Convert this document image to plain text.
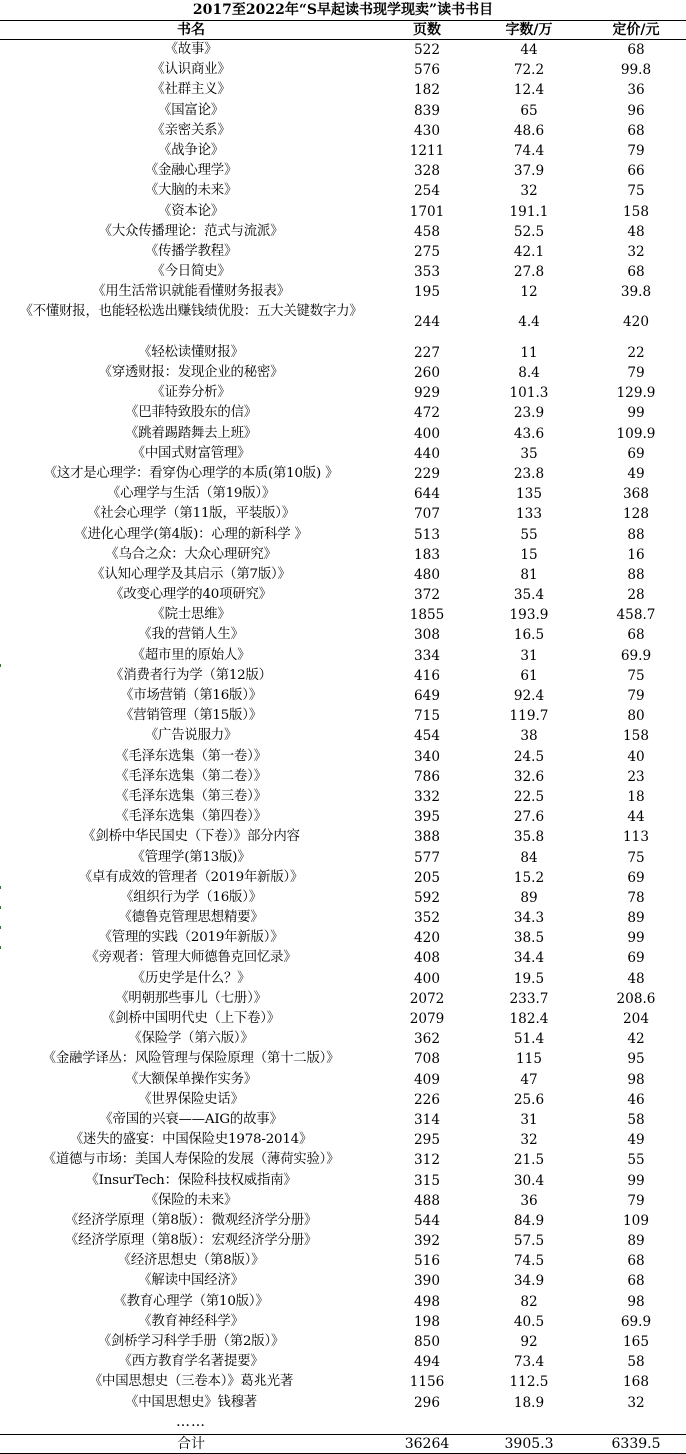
2017至2022年“S早起读书现学现卖”读书书目
书名	页数	字数/万	定价/元
《故事》	522	44	68
《认识商业》	576	72.2	99.8
《社群主义》	182	12.4	36
《国富论》	839	65	96
《亲密关系》	430	48.6	68
《战争论》	1211	74.4	79
《金融心理学》	328	37.9	66
《大脑的未来》	254	32	75
《资本论》	1701	191.1	158
《大众传播理论：范式与流派》	458	52.5	48
《传播学教程》	275	42.1	32
《今日简史》	353	27.8	68
《用生活常识就能看懂财务报表》	195	12	39.8
《不懂财报，也能轻松选出赚钱绩优股：五大关键数字力》
244	4.4	420
《轻松读懂财报》	227	11	22
《穿透财报：发现企业的秘密》	260	8.4	79
《证券分析》	929	101.3	129.9
《巴菲特致股东的信》	472	23.9	99
《跳着踢踏舞去上班》	400	43.6	109.9
《中国式财富管理》	440	35	69
《这才是心理学：看穿伪心理学的本质(第10版) 》	229	23.8	49
《心理学与生活（第19版）》	644	135	368
《社会心理学（第11版，平装版）》	707	133	128
《进化心理学(第4版)：心理的新科学 》	513	55	88
《乌合之众：大众心理研究》	183	15	16
《认知心理学及其启示（第7版）》	480	81	88
《改变心理学的40项研究》	372	35.4	28
《院士思维》	1855	193.9	458.7
《我的营销人生》	308	16.5	68
《超市里的原始人》	334	31	69.9
《消费者行为学（第12版）	416	61	75
《市场营销（第16版）》	649	92.4	79
《营销管理（第15版）》	715	119.7	80
《广告说服力》	454	38	158
《毛泽东选集（第一卷）》	340	24.5	40
《毛泽东选集（第二卷）》	786	32.6	23
《毛泽东选集（第三卷）》	332	22.5	18
《毛泽东选集（第四卷）》	395	27.6	44
《剑桥中华民国史（下卷）》部分内容	388	35.8	113
《管理学(第13版)》	577	84	75
《卓有成效的管理者（2019年新版）》	205	15.2	69
《组织行为学（16版）》	592	89	78
《德鲁克管理思想精要》	352	34.3	89
《管理的实践（2019年新版）》	420	38.5	99
《旁观者：管理大师德鲁克回忆录》	408	34.4	69
《历史学是什么？》	400	19.5	48
《明朝那些事儿（七册）》	2072	233.7	208.6
《剑桥中国明代史（上下卷）》	2079	182.4	204
《保险学（第六版）》	362	51.4	42
《金融学译丛：风险管理与保险原理（第十二版）》	708	115	95
《大额保单操作实务》	409	47	98
《世界保险史话》	226	25.6	46
《帝国的兴衰——AIG的故事》	314	31	58
《迷失的盛宴：中国保险史1978-2014》	295	32	49
《道德与市场：美国人寿保险的发展（薄荷实验）》	312	21.5	55
《InsurTech：保险科技权威指南》	315	30.4	99
《保险的未来》	488	36	79
《经济学原理（第8版）：微观经济学分册》	544	84.9	109
《经济学原理（第8版）：宏观经济学分册》	392	57.5	89
《经济思想史（第8版）》	516	74.5	68
《解读中国经济》	390	34.9	68
《教育心理学（第10版）》	498	82	98
《教育神经科学》	198	40.5	69.9
《剑桥学习科学手册（第2版）》	850	92	165
《西方教育学名著提要》	494	73.4	58
《中国思想史（三卷本）》葛兆光著	1156	112.5	168
《中国思想史》钱穆著	296	18.9	32
……
合计	36264	3905.3	6339.5
